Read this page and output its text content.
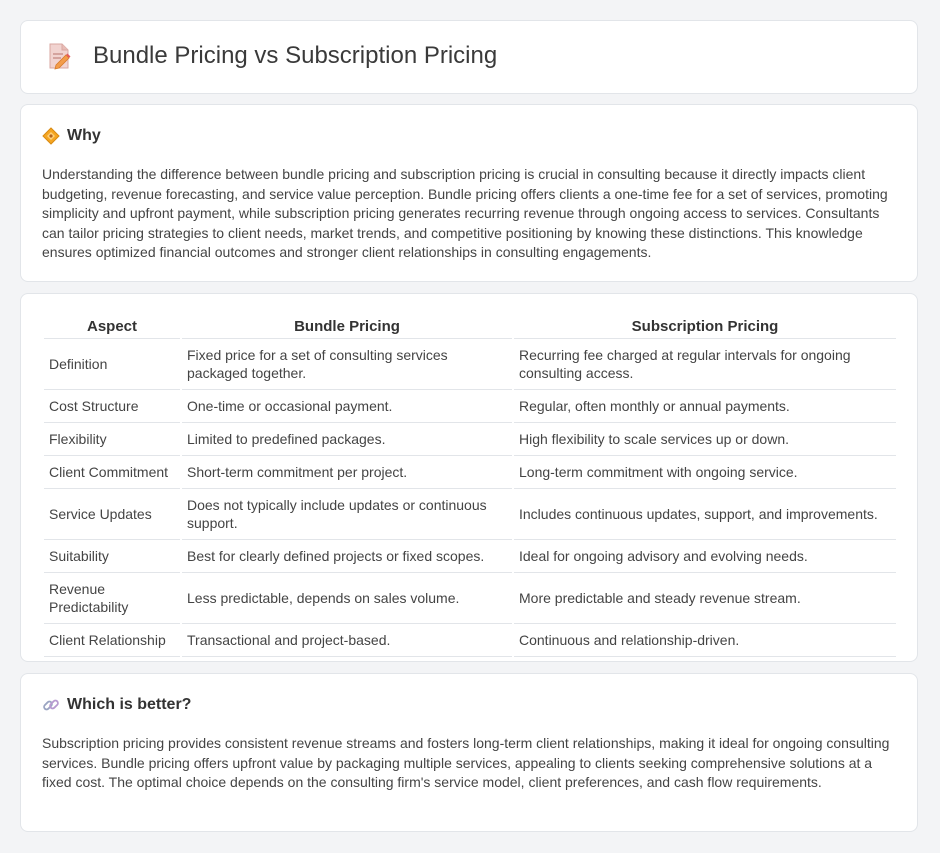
Bundle Pricing vs Subscription Pricing
Why

Understanding the difference between bundle pricing and subscription pricing is crucial in consulting because it directly impacts client budgeting, revenue forecasting, and service value perception. Bundle pricing offers clients a one-time fee for a set of services, promoting simplicity and upfront payment, while subscription pricing generates recurring revenue through ongoing access to services. Consultants can tailor pricing strategies to client needs, market trends, and competitive positioning by knowing these distinctions. This knowledge ensures optimized financial outcomes and stronger client relationships in consulting engagements.

Aspect	Bundle Pricing	Subscription Pricing
Definition	Fixed price for a set of consulting services packaged together.	Recurring fee charged at regular intervals for ongoing consulting access.
Cost Structure	One-time or occasional payment.	Regular, often monthly or annual payments.
Flexibility	Limited to predefined packages.	High flexibility to scale services up or down.
Client Commitment	Short-term commitment per project.	Long-term commitment with ongoing service.
Service Updates	Does not typically include updates or continuous support.	Includes continuous updates, support, and improvements.
Suitability	Best for clearly defined projects or fixed scopes.	Ideal for ongoing advisory and evolving needs.
Revenue Predictability	Less predictable, depends on sales volume.	More predictable and steady revenue stream.
Client Relationship	Transactional and project-based.	Continuous and relationship-driven.
Which is better?

Subscription pricing provides consistent revenue streams and fosters long-term client relationships, making it ideal for ongoing consulting services. Bundle pricing offers upfront value by packaging multiple services, appealing to clients seeking comprehensive solutions at a fixed cost. The optimal choice depends on the consulting firm's service model, client preferences, and cash flow requirements.
